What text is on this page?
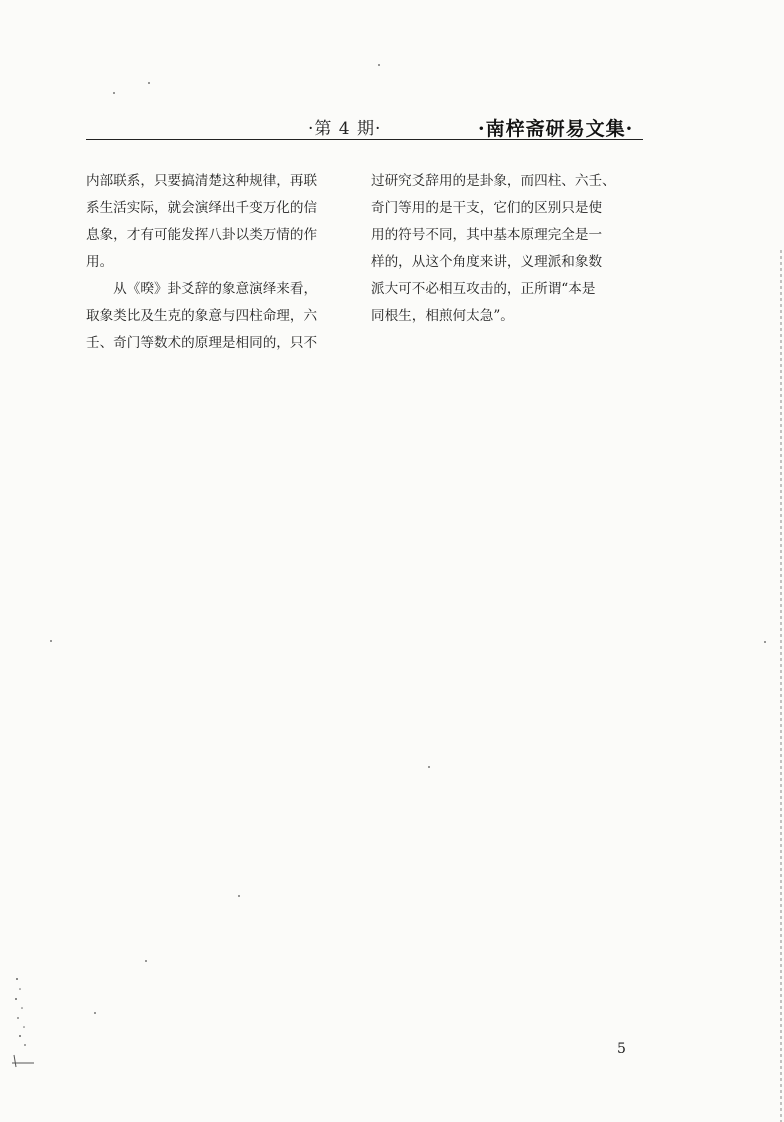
·第 4 期·	·南梓斋研易文集·
内部联系，只要搞清楚这种规律，再联
系生活实际，就会演绎出千变万化的信
息象，才有可能发挥八卦以类万情的作
用。
　　从《暌》卦爻辞的象意演绎来看，
取象类比及生克的象意与四柱命理，六
壬、奇门等数术的原理是相同的，只不
过研究爻辞用的是卦象，而四柱、六壬、
奇门等用的是干支，它们的区别只是使
用的符号不同，其中基本原理完全是一
样的，从这个角度来讲，义理派和象数
派大可不必相互攻击的，正所谓“本是
同根生，相煎何太急”。
5
